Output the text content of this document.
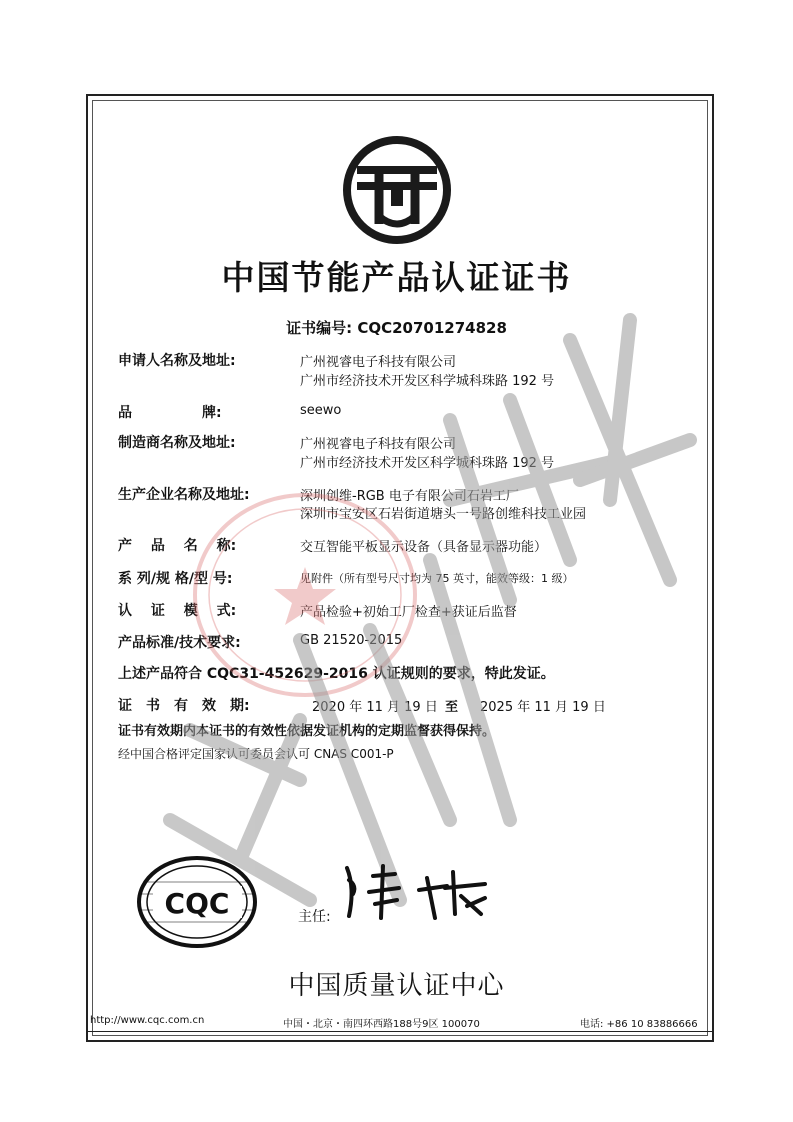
中国节能产品认证证书
证书编号: CQC20701274828
申请人名称及地址:	广州视睿电子科技有限公司
广州市经济技术开发区科学城科珠路 192 号
品　　　　　牌:	seewo
制造商名称及地址:	广州视睿电子科技有限公司
广州市经济技术开发区科学城科珠路 192 号
生产企业名称及地址:	深圳创维-RGB 电子有限公司石岩工厂
深圳市宝安区石岩街道塘头一号路创维科技工业园
产　 品　 名　 称:	交互智能平板显示设备（具备显示器功能）
系 列/规 格/型 号:	见附件（所有型号尺寸均为 75 英寸，能效等级：1 级）
认　 证　 模　 式:	产品检验+初始工厂检查+获证后监督
产品标准/技术要求:	GB 21520-2015
上述产品符合 CQC31-452629-2016 认证规则的要求，特此发证。
证　书　有　效　期:	2020 年 11 月 19 日 至 2025 年 11 月 19 日
证书有效期内本证书的有效性依据发证机构的定期监督获得保持。
经中国合格评定国家认可委员会认可 CNAS C001-P
CQC	主任:
中国质量认证中心
http://www.cqc.com.cn	中国・北京・南四环西路188号9区 100070	电话: +86 10 83886666
